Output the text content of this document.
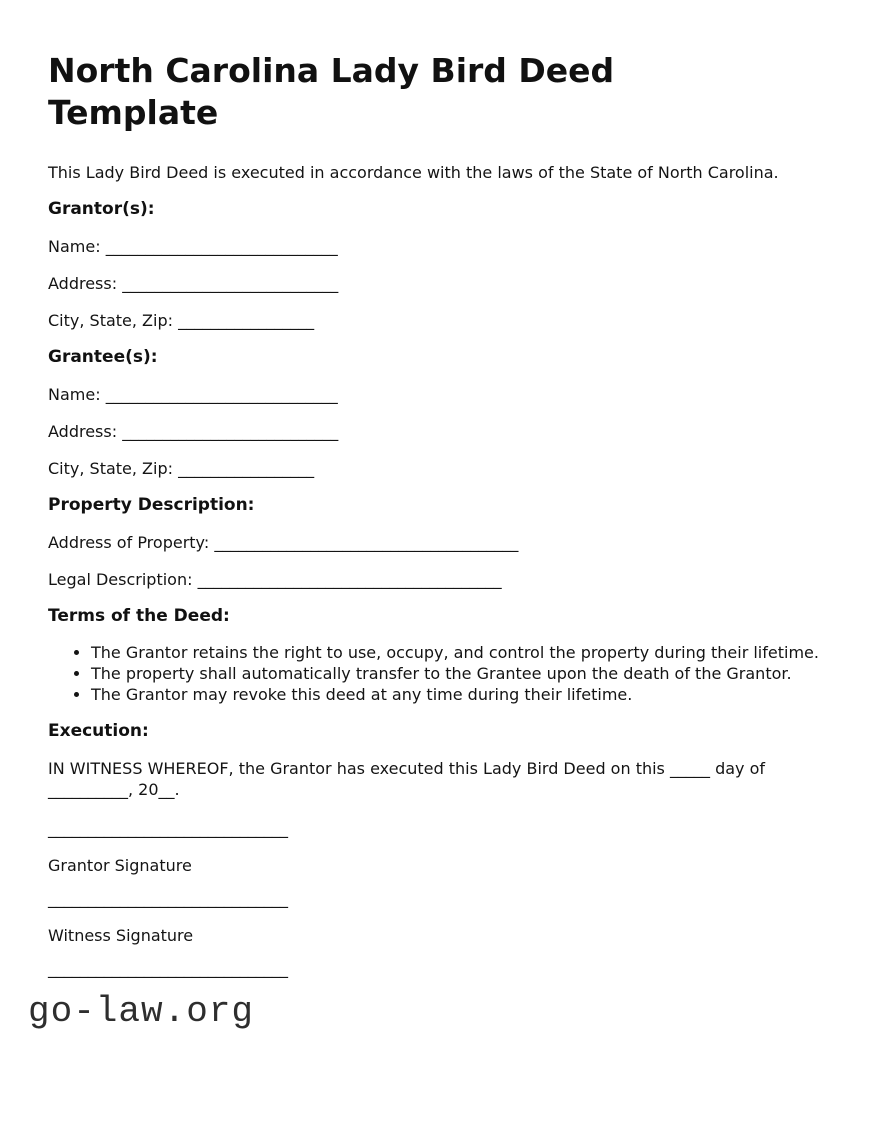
North Carolina Lady Bird Deed Template

This Lady Bird Deed is executed in accordance with the laws of the State of North Carolina.

Grantor(s):

Name: _____________________________

Address: ___________________________

City, State, Zip: _________________

Grantee(s):

Name: _____________________________

Address: ___________________________

City, State, Zip: _________________

Property Description:

Address of Property: ______________________________________

Legal Description: ______________________________________

Terms of the Deed:
• The Grantor retains the right to use, occupy, and control the property during their lifetime.
• The property shall automatically transfer to the Grantee upon the death of the Grantor.
• The Grantor may revoke this deed at any time during their lifetime.
Execution:

IN WITNESS WHEREOF, the Grantor has executed this Lady Bird Deed on this _____ day of __________, 20__.

______________________________

Grantor Signature

______________________________

Witness Signature

______________________________

go-law.org
